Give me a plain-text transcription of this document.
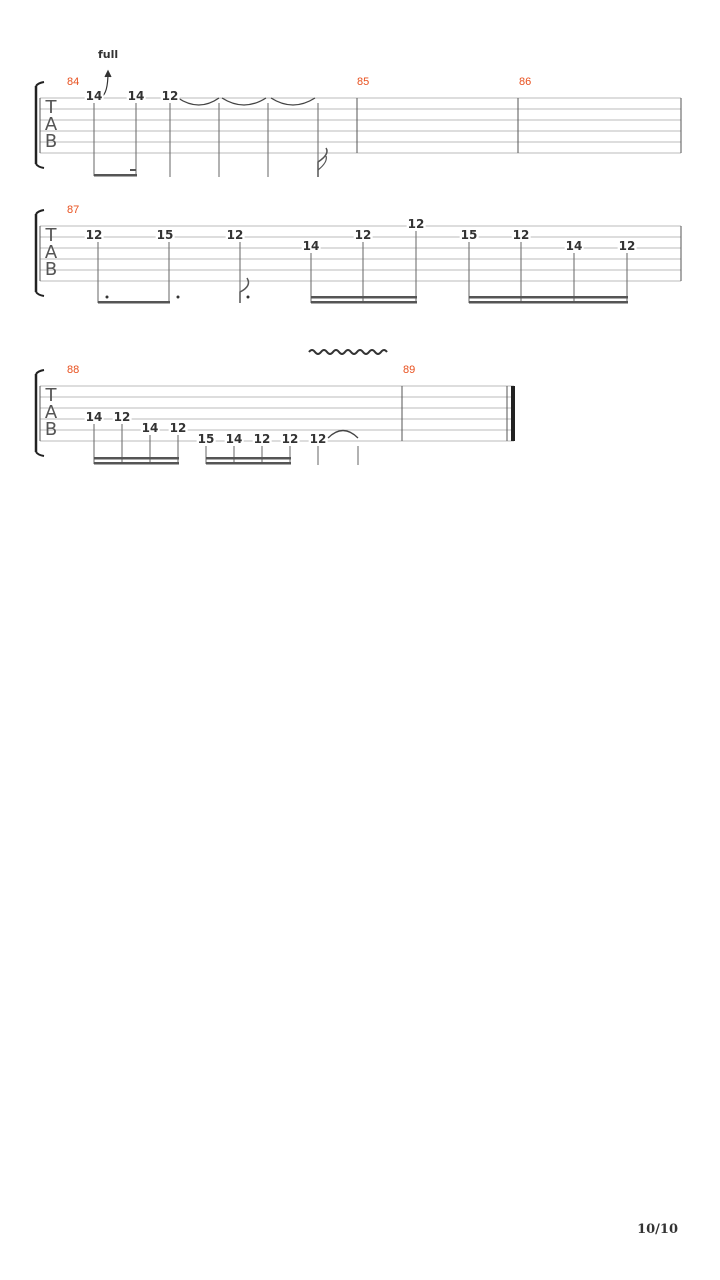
84	85	86
T
A
B
full
14 14 12
87
T
A
B
12	15	12
14
12
12
15	12
14	12
88	89
T
A
B
14 12
14 12
15 14 12 12 12
10/10
